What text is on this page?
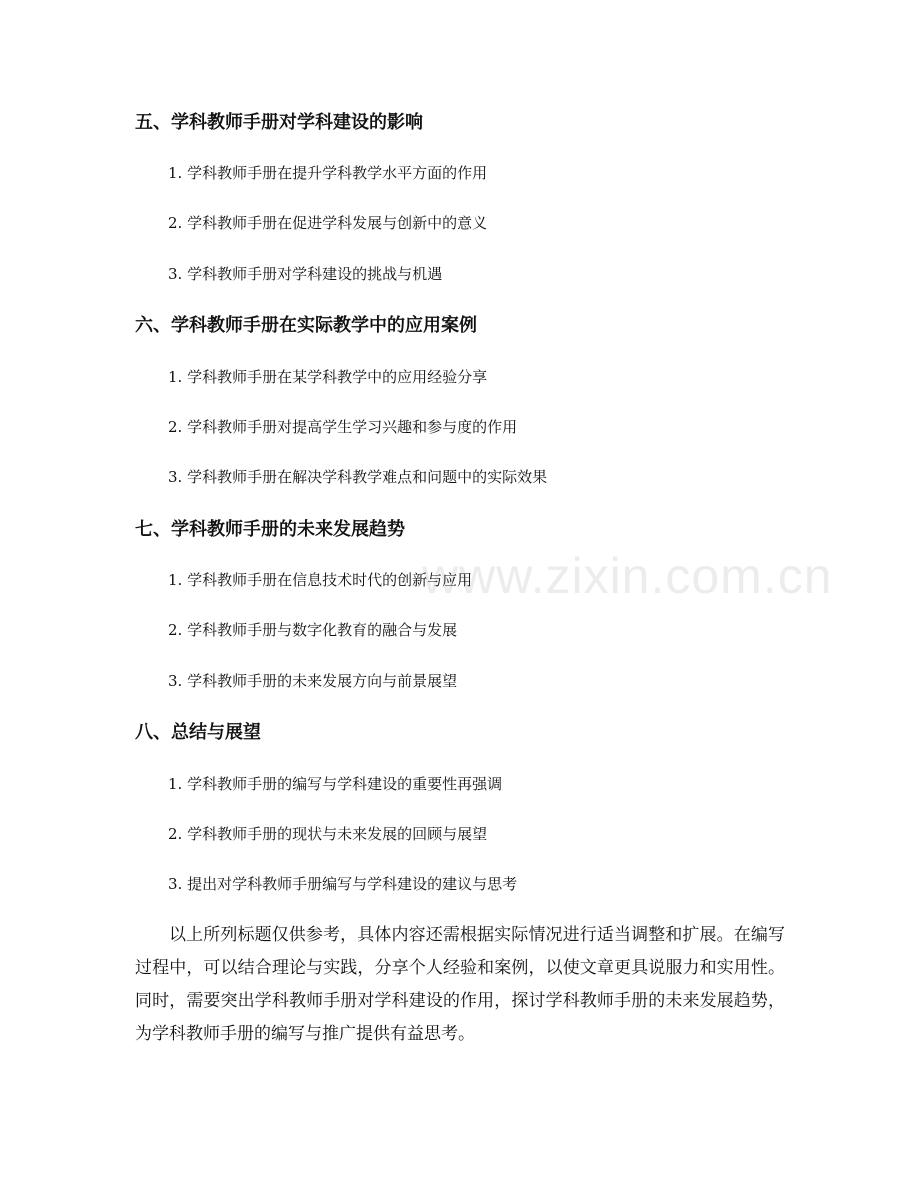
www.zixin.com.cn
五、学科教师手册对学科建设的影响
1. 学科教师手册在提升学科教学水平方面的作用
2. 学科教师手册在促进学科发展与创新中的意义
3. 学科教师手册对学科建设的挑战与机遇
六、学科教师手册在实际教学中的应用案例
1. 学科教师手册在某学科教学中的应用经验分享
2. 学科教师手册对提高学生学习兴趣和参与度的作用
3. 学科教师手册在解决学科教学难点和问题中的实际效果
七、学科教师手册的未来发展趋势
1. 学科教师手册在信息技术时代的创新与应用
2. 学科教师手册与数字化教育的融合与发展
3. 学科教师手册的未来发展方向与前景展望
八、总结与展望
1. 学科教师手册的编写与学科建设的重要性再强调
2. 学科教师手册的现状与未来发展的回顾与展望
3. 提出对学科教师手册编写与学科建设的建议与思考
以上所列标题仅供参考，具体内容还需根据实际情况进行适当调整和扩展。在编写过程中，可以结合理论与实践，分享个人经验和案例，以使文章更具说服力和实用性。同时，需要突出学科教师手册对学科建设的作用，探讨学科教师手册的未来发展趋势，为学科教师手册的编写与推广提供有益思考。
